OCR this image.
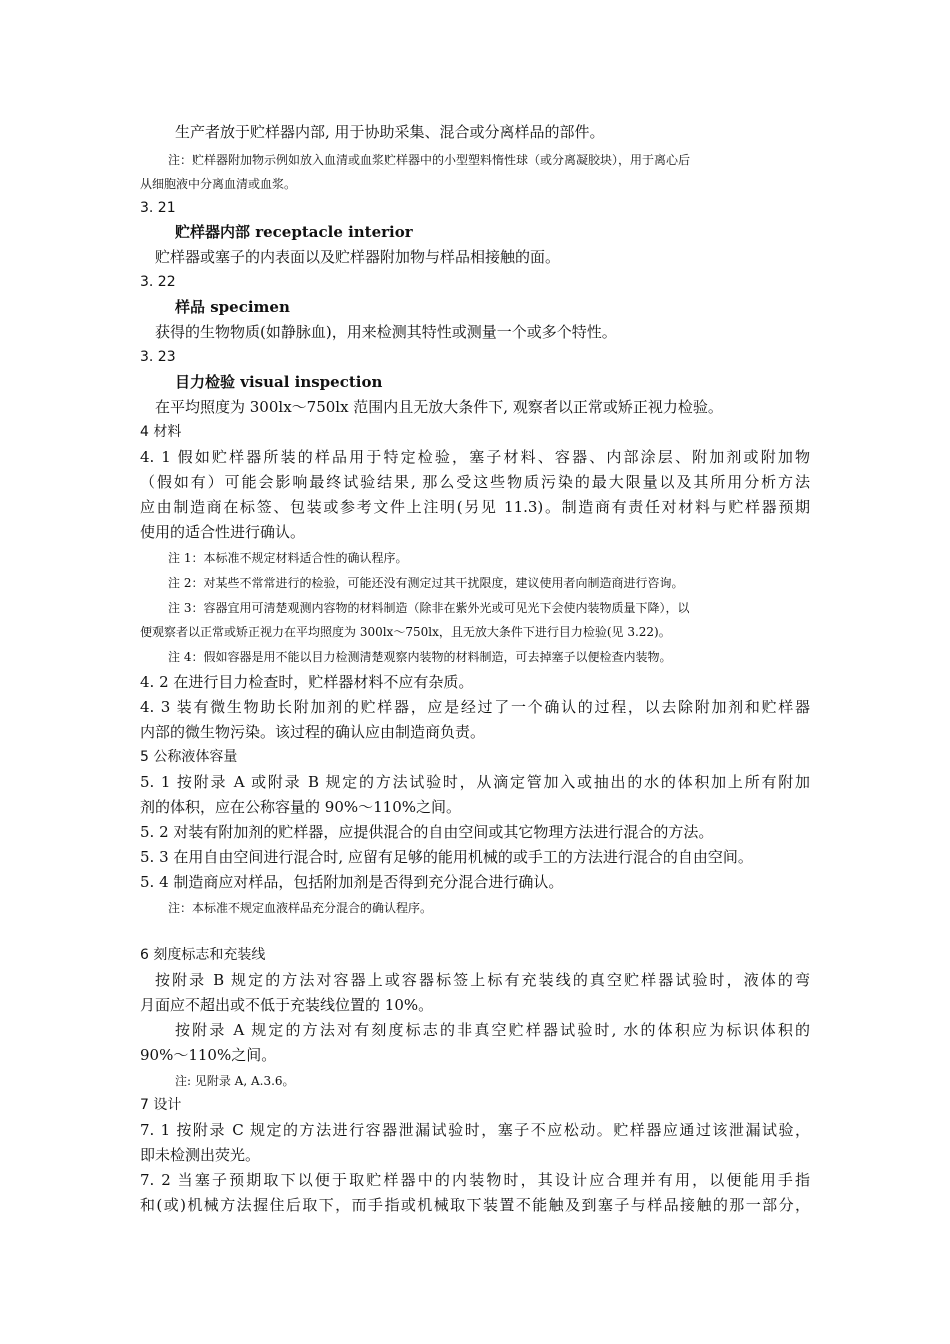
生产者放于贮样器内部, 用于协助采集、混合或分离样品的部件。
注：贮样器附加物示例如放入血清或血浆贮样器中的小型塑料惰性球（或分离凝胶块），用于离心后
从细胞液中分离血清或血浆。
3. 21
贮样器内部 receptacle interior
贮样器或塞子的内表面以及贮样器附加物与样品相接触的面。
3. 22
样品 specimen
获得的生物物质(如静脉血)，用来检测其特性或测量一个或多个特性。
3. 23
目力检验 visual inspection
在平均照度为 300lx～750lx 范围内且无放大条件下, 观察者以正常或矫正视力检验。
4 材料
4. 1 假如贮样器所装的样品用于特定检验，塞子材料、容器、内部涂层、附加剂或附加物
（假如有）可能会影响最终试验结果, 那么受这些物质污染的最大限量以及其所用分析方法
应由制造商在标签、包装或参考文件上注明(另见 11.3)。制造商有责任对材料与贮样器预期
使用的适合性进行确认。
注 1：本标准不规定材料适合性的确认程序。
注 2：对某些不常常进行的检验，可能还没有测定过其干扰限度，建议使用者向制造商进行咨询。
注 3：容器宜用可清楚观测内容物的材料制造（除非在紫外光或可见光下会使内装物质量下降），以
便观察者以正常或矫正视力在平均照度为 300lx～750lx，且无放大条件下进行目力检验(见 3.22)。
注 4：假如容器是用不能以目力检测清楚观察内装物的材料制造，可去掉塞子以便检查内装物。
4. 2 在进行目力检查时，贮样器材料不应有杂质。
4. 3 装有微生物助长附加剂的贮样器，应是经过了一个确认的过程，以去除附加剂和贮样器
内部的微生物污染。该过程的确认应由制造商负责。
5 公称液体容量
5. 1 按附录 A 或附录 B 规定的方法试验时，从滴定管加入或抽出的水的体积加上所有附加
剂的体积，应在公称容量的 90%～110%之间。
5. 2 对装有附加剂的贮样器，应提供混合的自由空间或其它物理方法进行混合的方法。
5. 3 在用自由空间进行混合时, 应留有足够的能用机械的或手工的方法进行混合的自由空间。
5. 4 制造商应对样品，包括附加剂是否得到充分混合进行确认。
注：本标准不规定血液样品充分混合的确认程序。
6 刻度标志和充装线
按附录 B 规定的方法对容器上或容器标签上标有充装线的真空贮样器试验时，液体的弯
月面应不超出或不低于充装线位置的 10%。
按附录 A 规定的方法对有刻度标志的非真空贮样器试验时, 水的体积应为标识体积的
90%～110%之间。
注: 见附录 A, A.3.6。
7 设计
7. 1 按附录 C 规定的方法进行容器泄漏试验时，塞子不应松动。贮样器应通过该泄漏试验，
即未检测出荧光。
7. 2 当塞子预期取下以便于取贮样器中的内装物时，其设计应合理并有用，以便能用手指
和(或)机械方法握住后取下，而手指或机械取下装置不能触及到塞子与样品接触的那一部分，
